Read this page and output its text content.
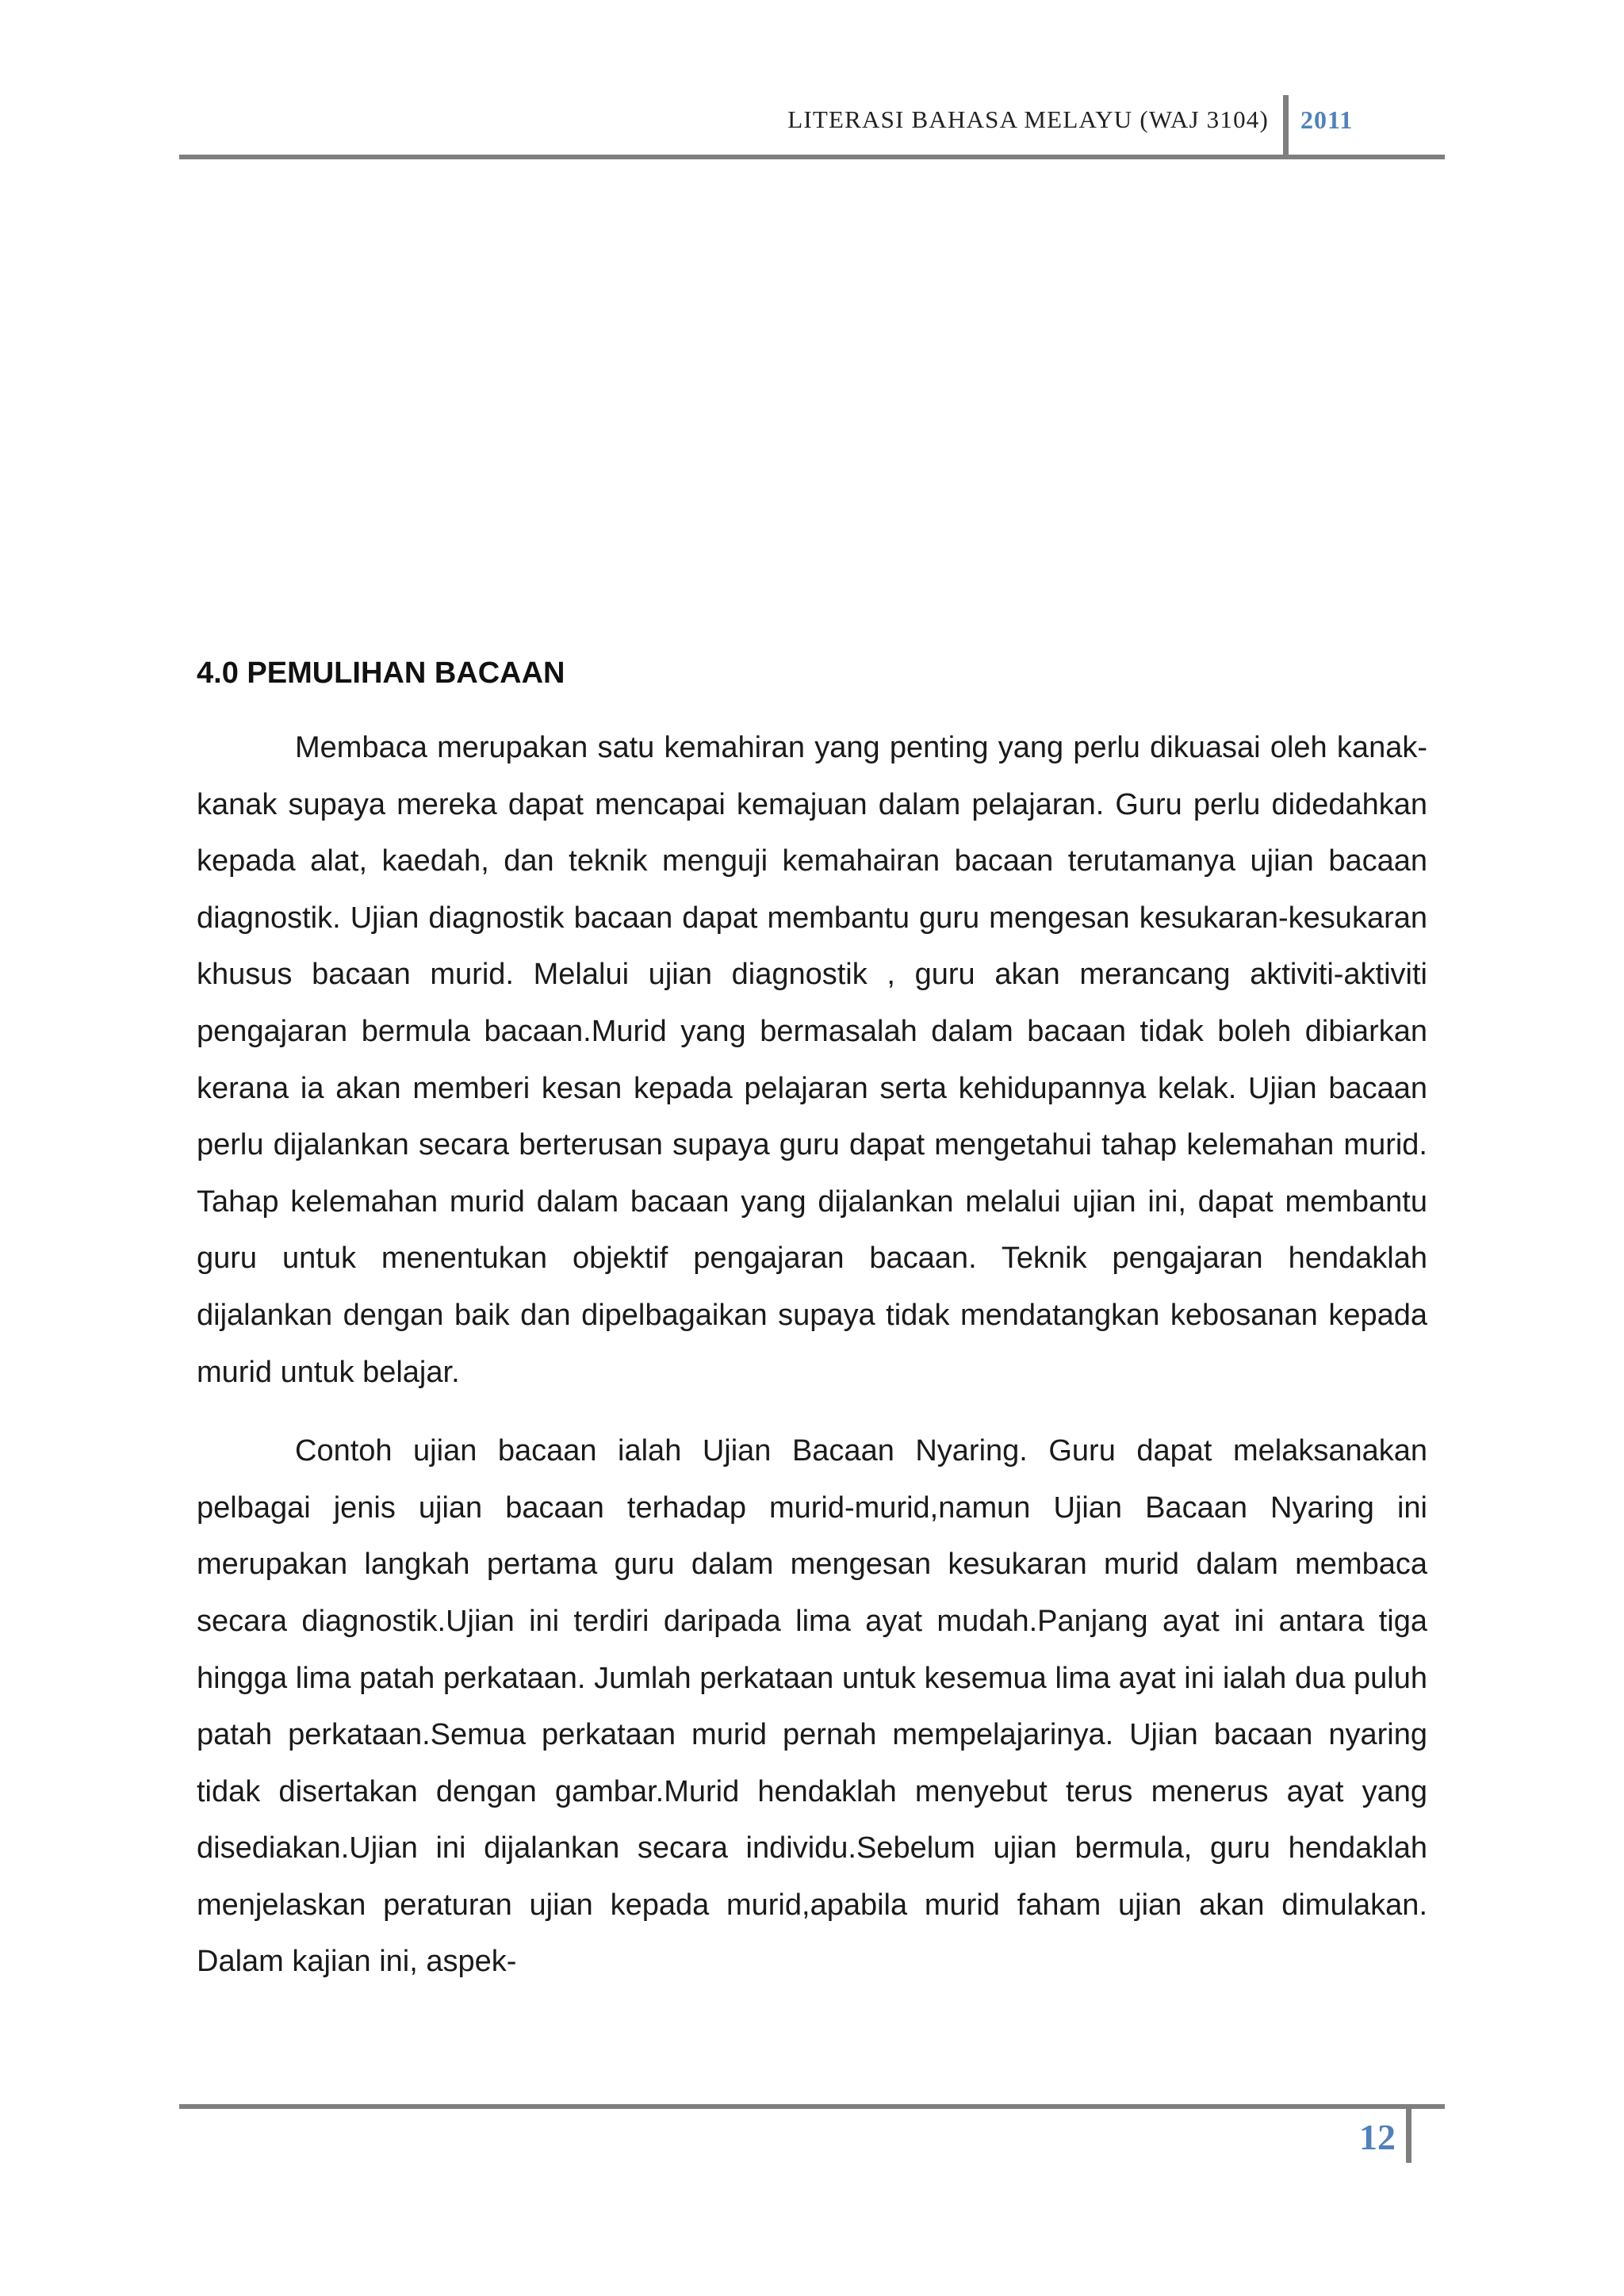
LITERASI BAHASA MELAYU (WAJ 3104) 2011
4.0 PEMULIHAN BACAAN

Membaca merupakan satu kemahiran yang penting yang perlu dikuasai oleh kanak-kanak supaya mereka dapat mencapai kemajuan dalam pelajaran. Guru perlu didedahkan kepada alat, kaedah, dan teknik menguji kemahairan bacaan terutamanya ujian bacaan diagnostik. Ujian diagnostik bacaan dapat membantu guru mengesan kesukaran-kesukaran khusus bacaan murid. Melalui ujian diagnostik , guru akan merancang aktiviti-aktiviti pengajaran bermula bacaan.Murid yang bermasalah dalam bacaan tidak boleh dibiarkan kerana ia akan memberi kesan kepada pelajaran serta kehidupannya kelak. Ujian bacaan perlu dijalankan secara berterusan supaya guru dapat mengetahui tahap kelemahan murid. Tahap kelemahan murid dalam bacaan yang dijalankan melalui ujian ini, dapat membantu guru untuk menentukan objektif pengajaran bacaan. Teknik pengajaran hendaklah dijalankan dengan baik dan dipelbagaikan supaya tidak mendatangkan kebosanan kepada murid untuk belajar.

Contoh ujian bacaan ialah Ujian Bacaan Nyaring. Guru dapat melaksanakan pelbagai jenis ujian bacaan terhadap murid-murid,namun Ujian Bacaan Nyaring ini merupakan langkah pertama guru dalam mengesan kesukaran murid dalam membaca secara diagnostik.Ujian ini terdiri daripada lima ayat mudah.Panjang ayat ini antara tiga hingga lima patah perkataan. Jumlah perkataan untuk kesemua lima ayat ini ialah dua puluh patah perkataan.Semua perkataan murid pernah mempelajarinya. Ujian bacaan nyaring tidak disertakan dengan gambar.Murid hendaklah menyebut terus menerus ayat yang disediakan.Ujian ini dijalankan secara individu.Sebelum ujian bermula, guru hendaklah menjelaskan peraturan ujian kepada murid,apabila murid faham ujian akan dimulakan. Dalam kajian ini, aspek-

12
